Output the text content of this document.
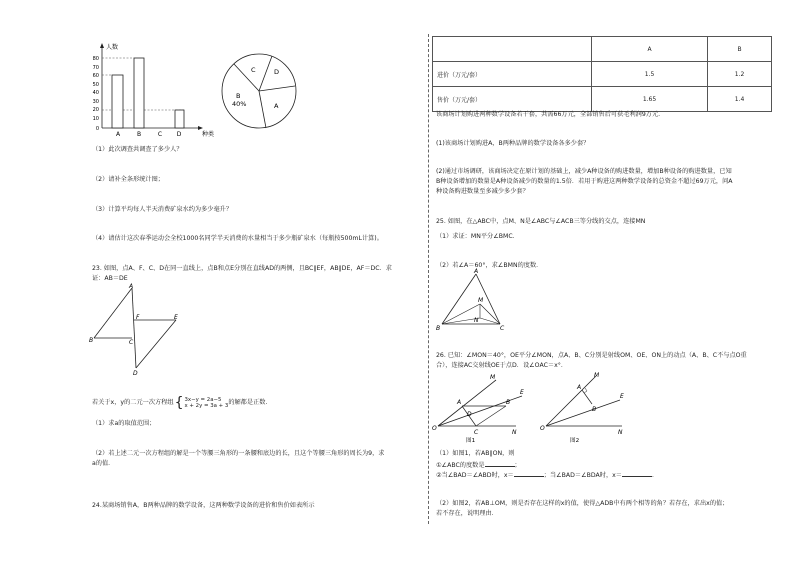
人数
种类
80
70
60
50
40
30
20
10
0
A	B	C D
C	D
A
B
40%
（1）此次调查共调查了多少人？
（2）请补全条形统计图；
（3）计算平均每人半天消费矿泉水约为多少毫升？
（4）请估计这次春季运动会全校1000名同学半天消费的水量相当于多少瓶矿泉水（每瓶按500mL计算)。
23. 如图，点A、F、C、D在同一直线上，点B和点E分别在直线AD的两侧，且BC∥EF，AB∥DE，AF＝DC．求
证：AB＝DE
A
F	E
B	C
D
若关于x，y的二元一次方程组 { 3x−y = 2a−5
x + 2y = 3a + 3 的解都是正数.
（1）求a的取值范围；
（2）若上述二元一次方程组的解是一个等腰三角形的一条腰和底边的长，且这个等腰三角形的周长为9，求
a的值．
24.某商场销售A，B两种品牌的数学设备，这两种数学设备的进价和售价如表所示
	A	B
进价（万元/套）	1.5	1.2
售价（万元/套）	1.65	1.4
该商场计划购进两种数学设备若干套，共需66万元，全部销售后可获毛利润9万元.
(1)该商场计划购进A，B两种品牌的数学设备各多少套？
(2)通过市场调研，该商场决定在原计划的基础上，减少A种设备的购进数量，增加B种设备的购进数量，已知
B种设备增加的数量是A种设备减少的数量的1.5倍．若用于购进这两种数学设备的总资金不超过69万元，问A
种设备购进数量至多减少多少套？
25. 如图，在△ABC中，点M、N是∠ABC与∠ACB三等分线的交点，连接MN
（1）求证：MN平分∠BMC．
（2）若∠A＝60°，求∠BMN的度数．
A
M
N
B	C
26. 已知：∠MON＝40°，OE平分∠MON，点A、B、C分别是射线OM、OE、ON上的动点（A、B、C不与点O重
合），连接AC交射线OE于点D．设∠OAC＝x°．
M
A	B
E
D
O
C	N
图1
M
A
B
E
O
N
图2
（1）如图1，若AB∥ON，则
①∠ABC的度数是	；
②当∠BAD＝∠ABD时，x＝	；当∠BAD＝∠BDA时，x＝	．
（2）如图2，若AB⊥OM，则是否存在这样的x的值，使得△ADB中有两个相等的角？若存在，求出x的值；
若不存在，说明理由．
